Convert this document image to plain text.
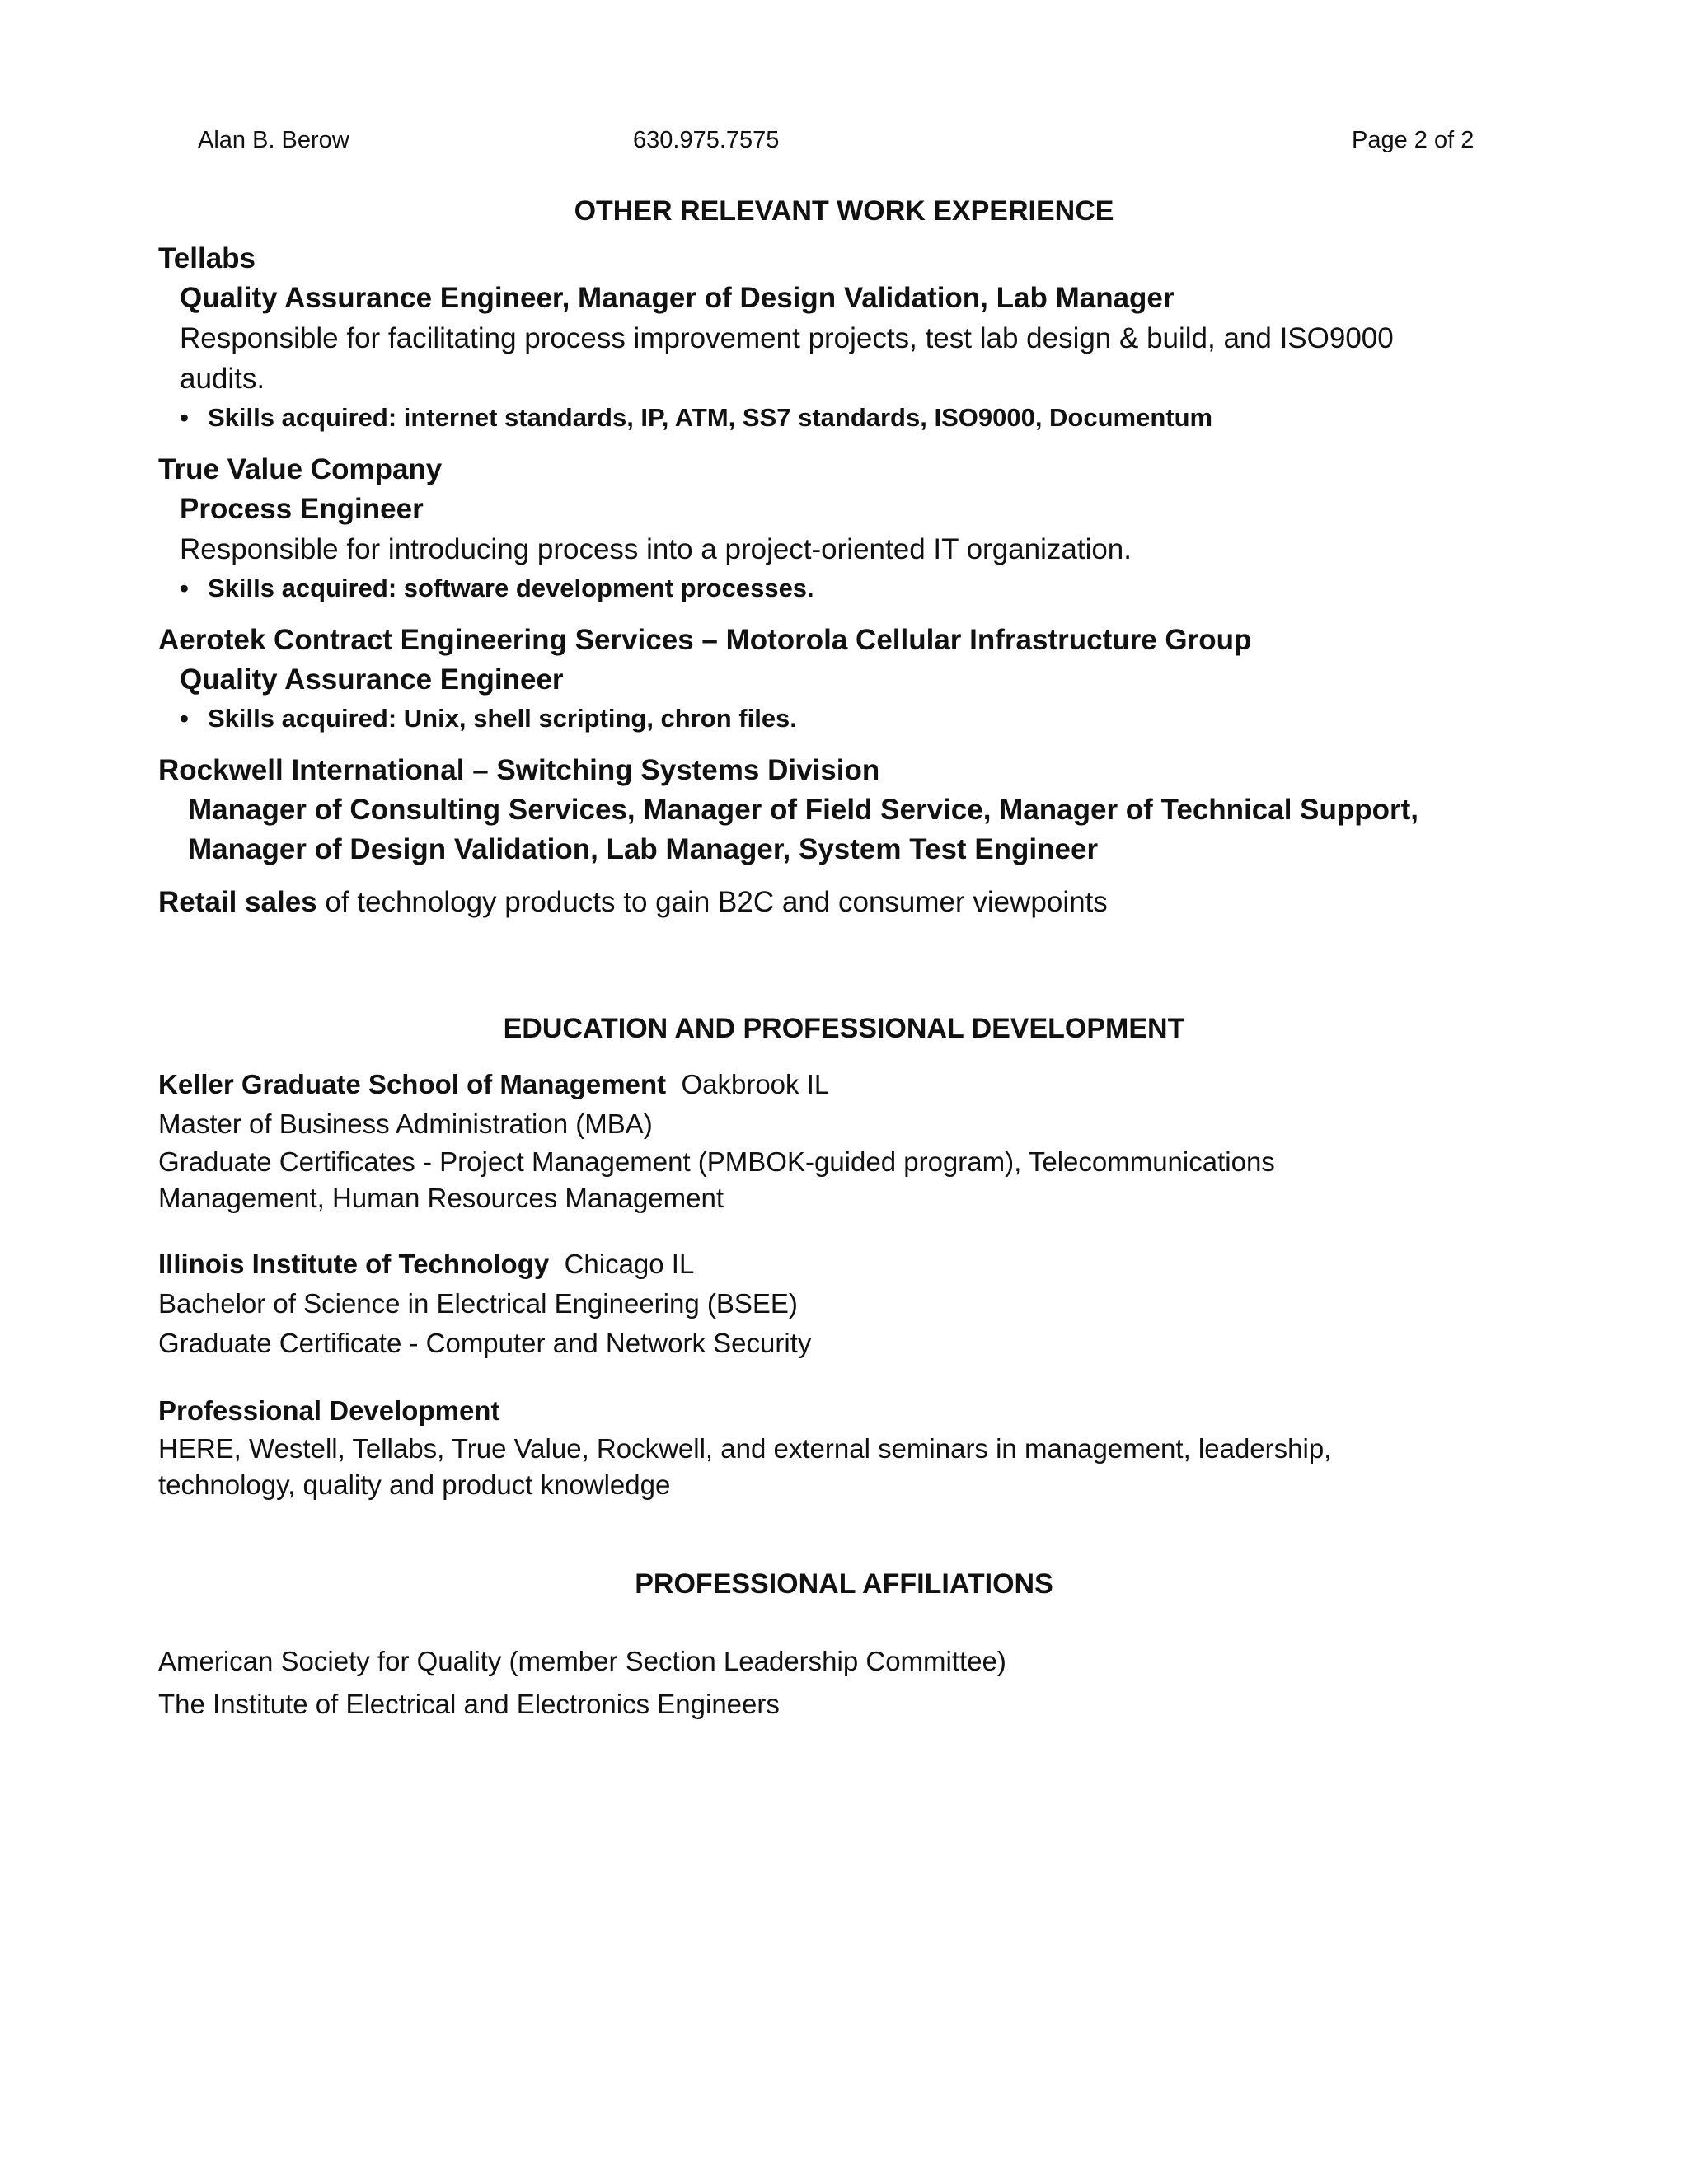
Alan B. Berow	630.975.7575	Page 2 of 2
OTHER RELEVANT WORK EXPERIENCE
Tellabs
Quality Assurance Engineer, Manager of Design Validation, Lab Manager
Responsible for facilitating process improvement projects, test lab design & build, and ISO9000 audits.
• Skills acquired: internet standards, IP, ATM, SS7 standards, ISO9000, Documentum
True Value Company
Process Engineer
Responsible for introducing process into a project-oriented IT organization.
• Skills acquired: software development processes.
Aerotek Contract Engineering Services – Motorola Cellular Infrastructure Group
Quality Assurance Engineer
• Skills acquired: Unix, shell scripting, chron files.
Rockwell International – Switching Systems Division
Manager of Consulting Services, Manager of Field Service, Manager of Technical Support,
Manager of Design Validation, Lab Manager, System Test Engineer
Retail sales of technology products to gain B2C and consumer viewpoints
EDUCATION AND PROFESSIONAL DEVELOPMENT
Keller Graduate School of Management Oakbrook IL
Master of Business Administration (MBA)
Graduate Certificates - Project Management (PMBOK-guided program), Telecommunications Management, Human Resources Management
Illinois Institute of Technology Chicago IL
Bachelor of Science in Electrical Engineering (BSEE)
Graduate Certificate - Computer and Network Security
Professional Development
HERE, Westell, Tellabs, True Value, Rockwell, and external seminars in management, leadership, technology, quality and product knowledge
PROFESSIONAL AFFILIATIONS
American Society for Quality (member Section Leadership Committee)
The Institute of Electrical and Electronics Engineers
